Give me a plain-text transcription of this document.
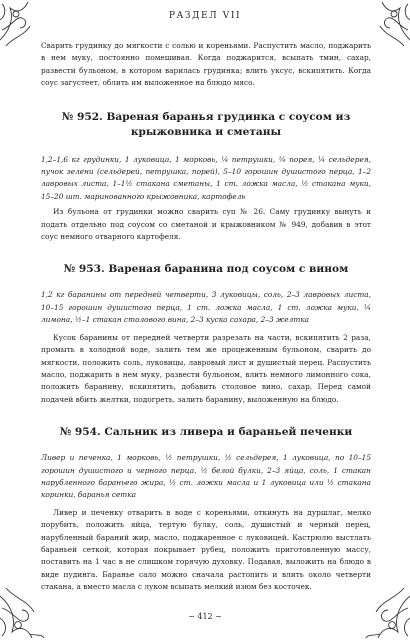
РАЗДЕЛ VII

Сварить грудинку до мягкости с солью и кореньями. Распустить масло, поджарить в нем муку, постоянно помешивая. Когда поджарится, всыпать тмин, сахар, развести бульоном, в котором варилась грудинка; влить уксус, вскипятить. Когда соус загустеет, облить им выложенное на блюдо мясо.

№ 952. Вареная баранья грудинка с соусом из крыжовника и сметаны

1,2–1,6 кг грудинки, 1 луковица, 1 морковь, ¼ петрушки, ¼ порея, ¼ сельдерея, пучок зелени (сельдерей, петрушка, порей), 5–10 горошин душистого перца, 1–2 лавровых листа, 1–1½ стакана сметаны, 1 ст. ложка масла, ½ стакана муки, 15–20 шт. маринованного крыжовника, картофель

Из бульона от грудинки можно сварить суп № 26. Саму грудинку вынуть и подать отдельно под соусом со сметаной и крыжовником № 949, добавив в этот соус немного отварного картофеля.

№ 953. Вареная баранина под соусом с вином

1,2 кг баранины от передней четверти, 3 луковицы, соль, 2–3 лавровых листа, 10–15 горошин душистого перца, 1 ст. ложка масла, 1 ст. ложка муки, ¼ лимона, ½–1 стакан столового вина, 2–3 куска сахара, 2–3 желтка

Кусок баранины от передней четверти разрезать на части, вскипятить 2 раза, промыть в холодной воде, залить тем же процеженным бульоном, сварить до мягкости, положить соль, луковицы, лавровый лист и душистый перец. Распустить масло, поджарить в нем муку, развести бульоном, влить немного лимонного сока, положить баранину, вскипятить, добавить столовое вино, сахар. Перед самой подачей вбить желтки, подогреть, залить баранину, выложенную на блюдо.

№ 954. Сальник из ливера и бараньей печенки

Ливер и печенка, 1 морковь, ½ петрушки, ½ сельдерея, 1 луковица, по 10–15 горошин душистого и черного перца, ½ белой булки, 2–3 яйца, соль, 1 стакан нарубленного бараньего жира, ½ ст. ложки масла и 1 луковица или ½ стакана коринки, баранья сетка

Ливер и печенку отварить в воде с кореньями, откинуть на дуршлаг, мелко порубить, положить яйца, тертую булку, соль, душистый и черный перец, нарубленный бараний жир, масло, поджаренное с луковицей. Кастрюлю выстлать бараньей сеткой, которая покрывает рубец, положить приготовленную массу, поставить на 1 час в не слишком горячую духовку. Подавая, выложить на блюдо в виде пудинга. Баранье сало можно сначала растопить и влить около четверти стакана, а вместо масла с луком всыпать мелкий изюм без косточек.

~ 412 ~
